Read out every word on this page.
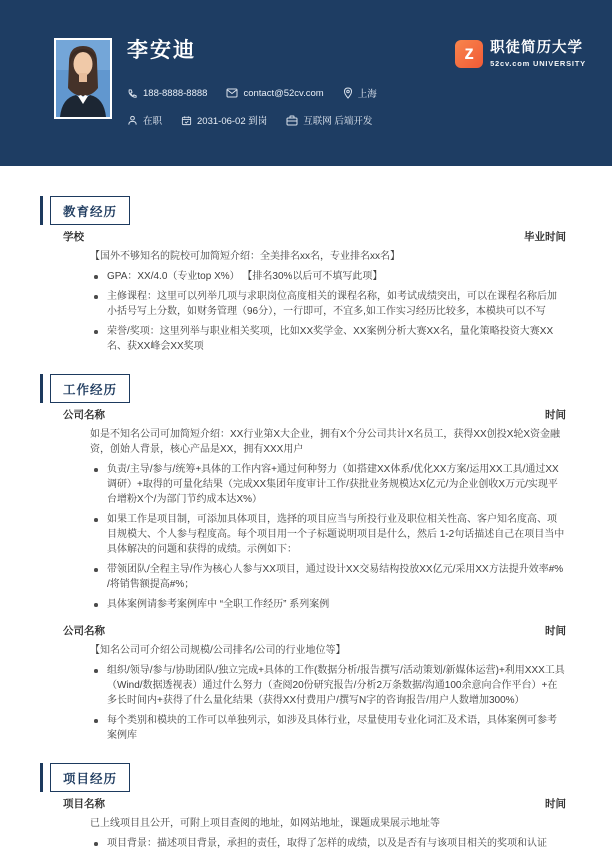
李安迪
188-8888-8888	contact@52cv.com	上海
在职	2031-06-02 到岗	互联网 后端开发
z	职徒简历大学
52cv.com UNIVERSITY
教育经历
学校	毕业时间
【国外不够知名的院校可加简短介绍：全美排名xx名，专业排名xx名】
GPA：XX/4.0（专业top X%） 【排名30%以后可不填写此项】
主修课程：这里可以列举几项与求职岗位高度相关的课程名称，如考试成绩突出，可以在课程名称后加小括号写上分数，如财务管理（96分），一行即可，不宜多,如工作实习经历比较多，本模块可以不写
荣誉/奖项：这里列举与职业相关奖项，比如XX奖学金、XX案例分析大赛XX名，量化策略投资大赛XX名、获XX峰会XX奖项
工作经历
公司名称	时间
如是不知名公司可加简短介绍：XX行业第X大企业，拥有X个分公司共计X名员工，获得XX创投X轮X资金融资，创始人背景，核心产品是XX，拥有XXX用户
负责/主导/参与/统筹+具体的工作内容+通过何种努力（如搭建XX体系/优化XX方案/运用XX工具/通过XX调研）+取得的可量化结果（完成XX集团年度审计工作/获批业务规模达X亿元/为企业创收X万元/实现平台增粉X个/为部门节约成本达X%）
如果工作是项目制，可添加具体项目，选择的项目应当与所投行业及职位相关性高、客户知名度高、项目规模大、个人参与程度高。每个项目用一个子标题说明项目是什么，然后 1-2句话描述自己在项目当中具体解决的问题和获得的成绩。示例如下：
带领团队/全程主导/作为核心人参与XX项目，通过设计XX交易结构投放XX亿元/采用XX方法提升效率#% /将销售额提高#%；
具体案例请参考案例库中 “全职工作经历” 系列案例
公司名称	时间
【知名公司可介绍公司规模/公司排名/公司的行业地位等】
组织/领导/参与/协助团队/独立完成+具体的工作(数据分析/报告撰写/活动策划/新媒体运营)+利用XXX工具（Wind/数据透视表）通过什么努力（查阅20份研究报告/分析2万条数据/沟通100余意向合作平台）+在多长时间内+获得了什么量化结果（获得XX付费用户/撰写N字的咨询报告/用户人数增加300%）
每个类别和模块的工作可以单独列示，如涉及具体行业，尽量使用专业化词汇及术语，具体案例可参考案例库
项目经历
项目名称	时间
已上线项目且公开，可附上项目查阅的地址，如网站地址，课题成果展示地址等
项目背景：描述项目背景，承担的责任，取得了怎样的成绩，以及是否有与该项目相关的奖项和认证
